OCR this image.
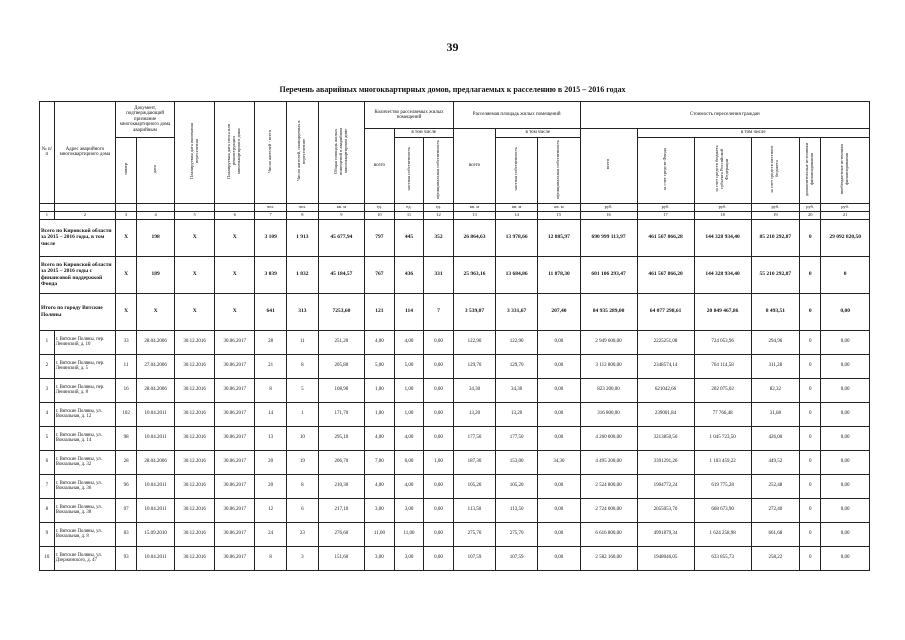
39
Перечень аварийных многоквартирных домов, предлагаемых к расселению в 2015 – 2016 годах
№ п/п	Адрес аварийного многоквартирного дома	Документ, подтверждающий признание многоквартирного дома аварийным		Планируемая дата окончания переселения	Планируемая дата сноса или реконструкции многоквартирного дома	Число жителей - всего	Число жителей, планируемых к переселению	Общая площадь жилых помещений в аварийном многоквартирном доме	Количество расселяемых жилых помещений			Расселяемая площадь жилых помещений			Стоимость переселения граждан					
									всего	в том числе		всего	в том числе		всего	в том числе				
		номер	дата							частная собственность	муниципальная собственность		частная собственность	муниципальная собственность		за счет средств Фонда	за счет средств бюджета субъекта Российской Федерации	за счет средств местного бюджета	дополнительные источники финансирования	внебюджетные источники финансирования
						чел.	чел.	кв. м	ед.	ед.	ед.	кв. м	кв. м	кв. м	руб.	руб.	руб.	руб.	руб.	руб.
1	2	3	4	5	6	7	8	9	10	11	12	13	14	15	16	17	18	19	20	21
Всего по Кировской области за 2015 – 2016 годы, в том числе		X	198	X	X	3 109	1 913	45 677,94	797	445	352	26 864,63	13 978,66	12 885,97	690 999 113,97	461 567 066,28	144 328 934,40	85 210 292,87	0	29 092 820,50
Всего по Кировской области за 2015 – 2016 годы с финансовой поддержкой Фонда		X	189	X	X	3 039	1 832	45 184,57	767	436	331	25 963,16	13 684,86	11 878,30	601 106 293,47	461 567 866,20	144 328 934,40	55 210 292,87	0	0
Итого по городу Вятские Поляны		X	X	X	X	641	313	7253,60	121	114	7	3 539,07	3 331,67	207,40	84 935 289,00	64 077 298,61	20 849 467,86	8 493,51	0	0,00
1	г. Вятские Поляны, пер. Ленинский, д. 10	33	28.04.2006	30.12.2016	30.06.2017	28	11	251,20	4,00	4,00	0,00	122,90	122,90	0,00	2 949 600,00	2225251,08	724 053,96	294,96	0	0,00
2	г. Вятские Поляны, пер. Ленинский, д. 5	11	27.04.2006	30.12.2016	30.06.2017	21	8	205,80	5,00	5,00	0,00	129,70	129,70	0,00	3 112 800,00	2348574,14	764 114,58	311,28	0	0,00
3	г. Вятские Поляны, пер. Ленинский, д. 8	16	28.04.2006	30.12.2016	30.06.2017	8	5	108,90	1,00	1,00	0,00	34,30	34,30	0,00	823 200,00	621042,66	202 075,02	82,32	0	0,00
4	г. Вятские Поляны, ул. Вокзальная, д. 12	102	10.04.2011	30.12.2016	30.06.2017	14	1	171,70	1,00	1,00	0,00	13,20	13,20	0,00	316 800,00	239001,84	77 766,48	31,68	0	0,00
5	г. Вятские Поляны, ул. Вокзальная, д. 14	98	10.04.2011	30.12.2016	30.06.2017	13	10	295,10	4,00	4,00	0,00	177,50	177,50	0,00	4 260 000,00	3213850,50	1 045 723,50	426,00	0	0,00
6	г. Вятские Поляны, ул. Вокзальная, д. 32	28	28.04.2006	30.12.2016	30.06.2017	20	19	206,70	7,00	6,00	1,00	187,30	153,00	34,30	4 495 200,00	3391291,26	1 103 459,22	449,52	0	0,00
7	г. Вятские Поляны, ул. Вокзальная, д. 36	96	10.04.2011	30.12.2016	30.06.2017	20	8	210,30	4,00	4,00	0,00	105,20	105,20	0,00	2 524 800,00	1904772,24	619 775,28	252,48	0	0,00
8	г. Вятские Поляны, ул. Вокзальная, д. 38	97	10.04.2011	30.12.2016	30.06.2017	12	6	217,10	3,00	3,00	0,00	113,50	113,50	0,00	2 724 000,00	2055053,70	668 673,90	272,40	0	0,00
9	г. Вятские Поляны, ул. Вокзальная, д. 8	83	15.09.2010	30.12.2016	30.06.2017	24	23	276,60	11,00	11,00	0,00	275,70	275,70	0,00	6 616 800,00	4991879,34	1 624 258,98	661,68	0	0,00
10	г. Вятские Поляны, ул. Дзержинского, д. 47	93	10.04.2011	30.12.2016	30.06.2017	8	3	151,60	3,00	3,00	0,00	107,59	107,59	0,00	2 582 160,00	1948046,05	633 855,73	258,22	0	0,00
